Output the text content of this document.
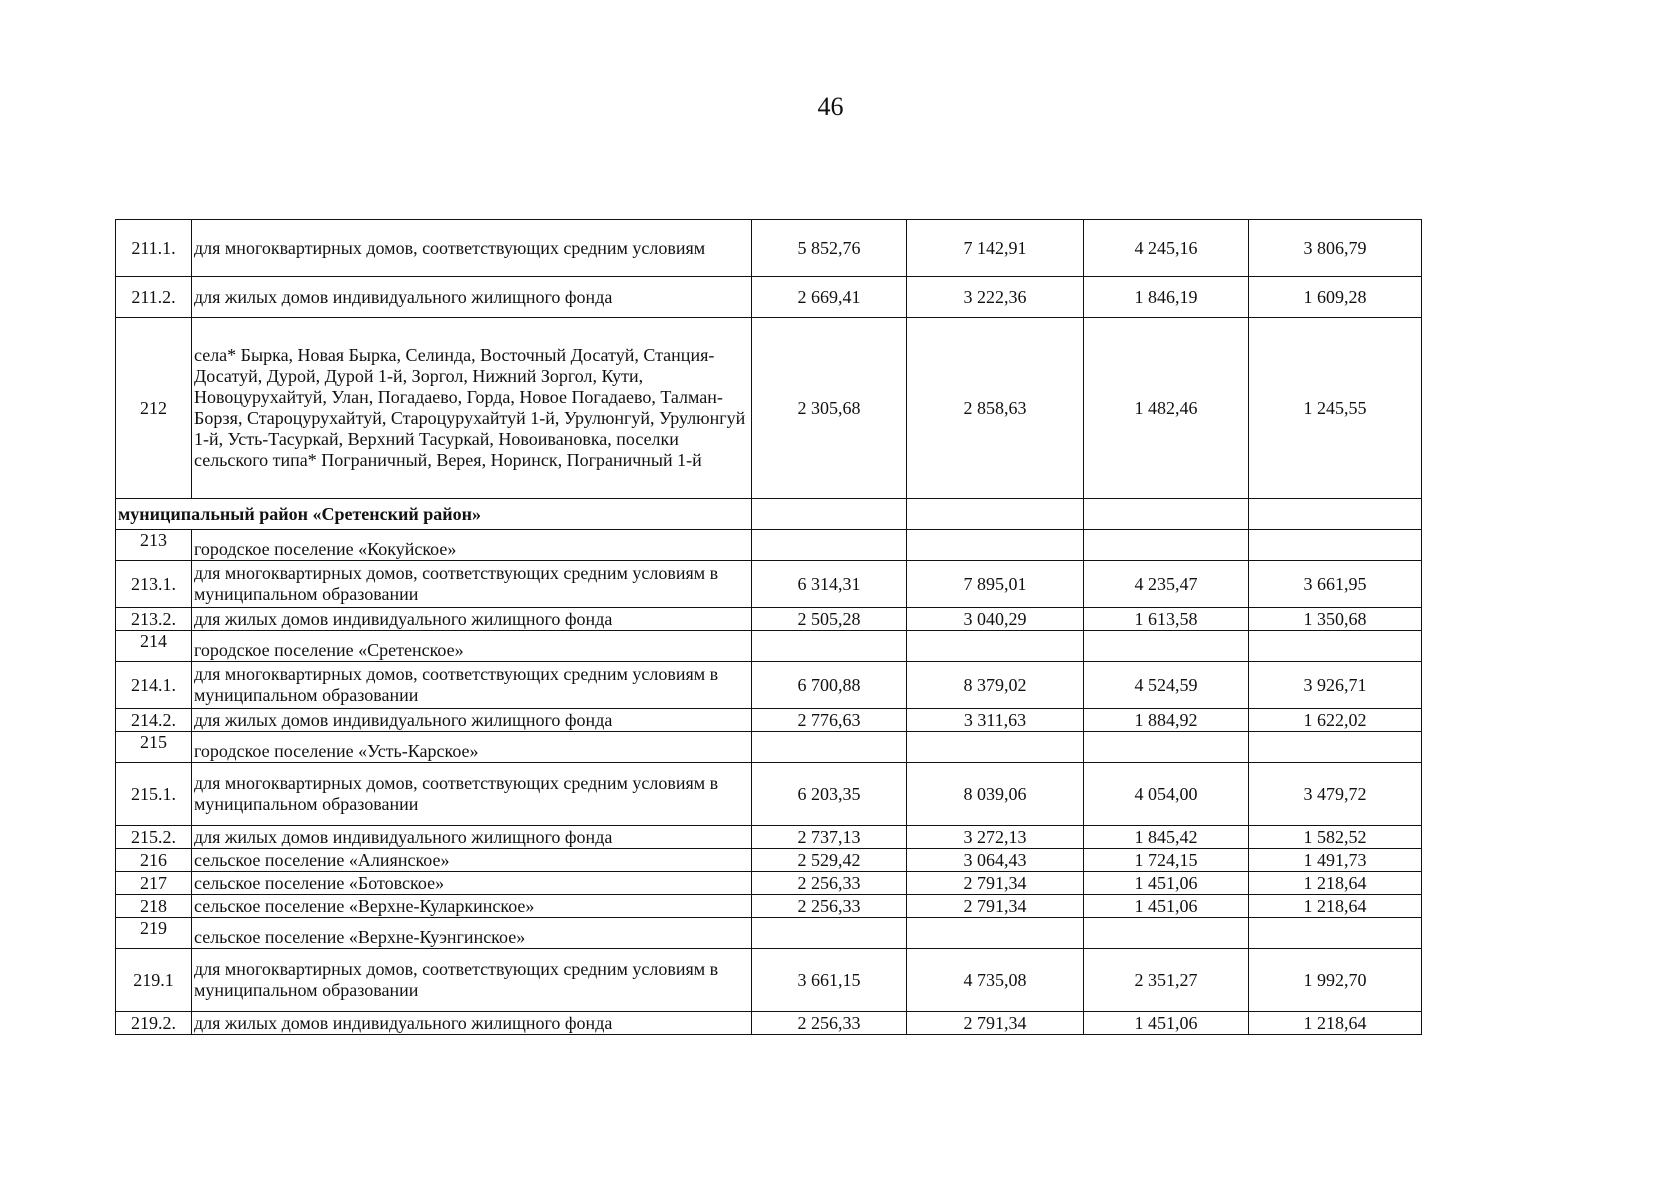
46
211.1.	для многоквартирных домов, соответствующих средним условиям	5 852,76	7 142,91	4 245,16	3 806,79
211.2.	для жилых домов индивидуального жилищного фонда	2 669,41	3 222,36	1 846,19	1 609,28
212	села* Бырка, Новая Бырка, Селинда, Восточный Досатуй, Станция-Досатуй, Дурой, Дурой 1-й, Зоргол, Нижний Зоргол, Кути, Новоцурухайтуй, Улан, Погадаево, Горда, Новое Погадаево, Талман-Борзя, Староцурухайтуй, Староцурухайтуй 1-й, Урулюнгуй, Урулюнгуй 1-й, Усть-Тасуркай, Верхний Тасуркай, Новоивановка, поселки сельского типа* Пограничный, Верея, Норинск, Пограничный 1-й	2 305,68	2 858,63	1 482,46	1 245,55
муниципальный район «Сретенский район»					
213	городское поселение «Кокуйское»				
213.1.	для многоквартирных домов, соответствующих средним условиям в муниципальном образовании	6 314,31	7 895,01	4 235,47	3 661,95
213.2.	для жилых домов индивидуального жилищного фонда	2 505,28	3 040,29	1 613,58	1 350,68
214	городское поселение «Сретенское»				
214.1.	для многоквартирных домов, соответствующих средним условиям в муниципальном образовании	6 700,88	8 379,02	4 524,59	3 926,71
214.2.	для жилых домов индивидуального жилищного фонда	2 776,63	3 311,63	1 884,92	1 622,02
215	городское поселение «Усть-Карское»				
215.1.	для многоквартирных домов, соответствующих средним условиям в муниципальном образовании	6 203,35	8 039,06	4 054,00	3 479,72
215.2.	для жилых домов индивидуального жилищного фонда	2 737,13	3 272,13	1 845,42	1 582,52
216	сельское поселение «Алиянское»	2 529,42	3 064,43	1 724,15	1 491,73
217	сельское поселение «Ботовское»	2 256,33	2 791,34	1 451,06	1 218,64
218	сельское поселение «Верхне-Куларкинское»	2 256,33	2 791,34	1 451,06	1 218,64
219	сельское поселение «Верхне-Куэнгинское»				
219.1	для многоквартирных домов, соответствующих средним условиям в муниципальном образовании	3 661,15	4 735,08	2 351,27	1 992,70
219.2.	для жилых домов индивидуального жилищного фонда	2 256,33	2 791,34	1 451,06	1 218,64
